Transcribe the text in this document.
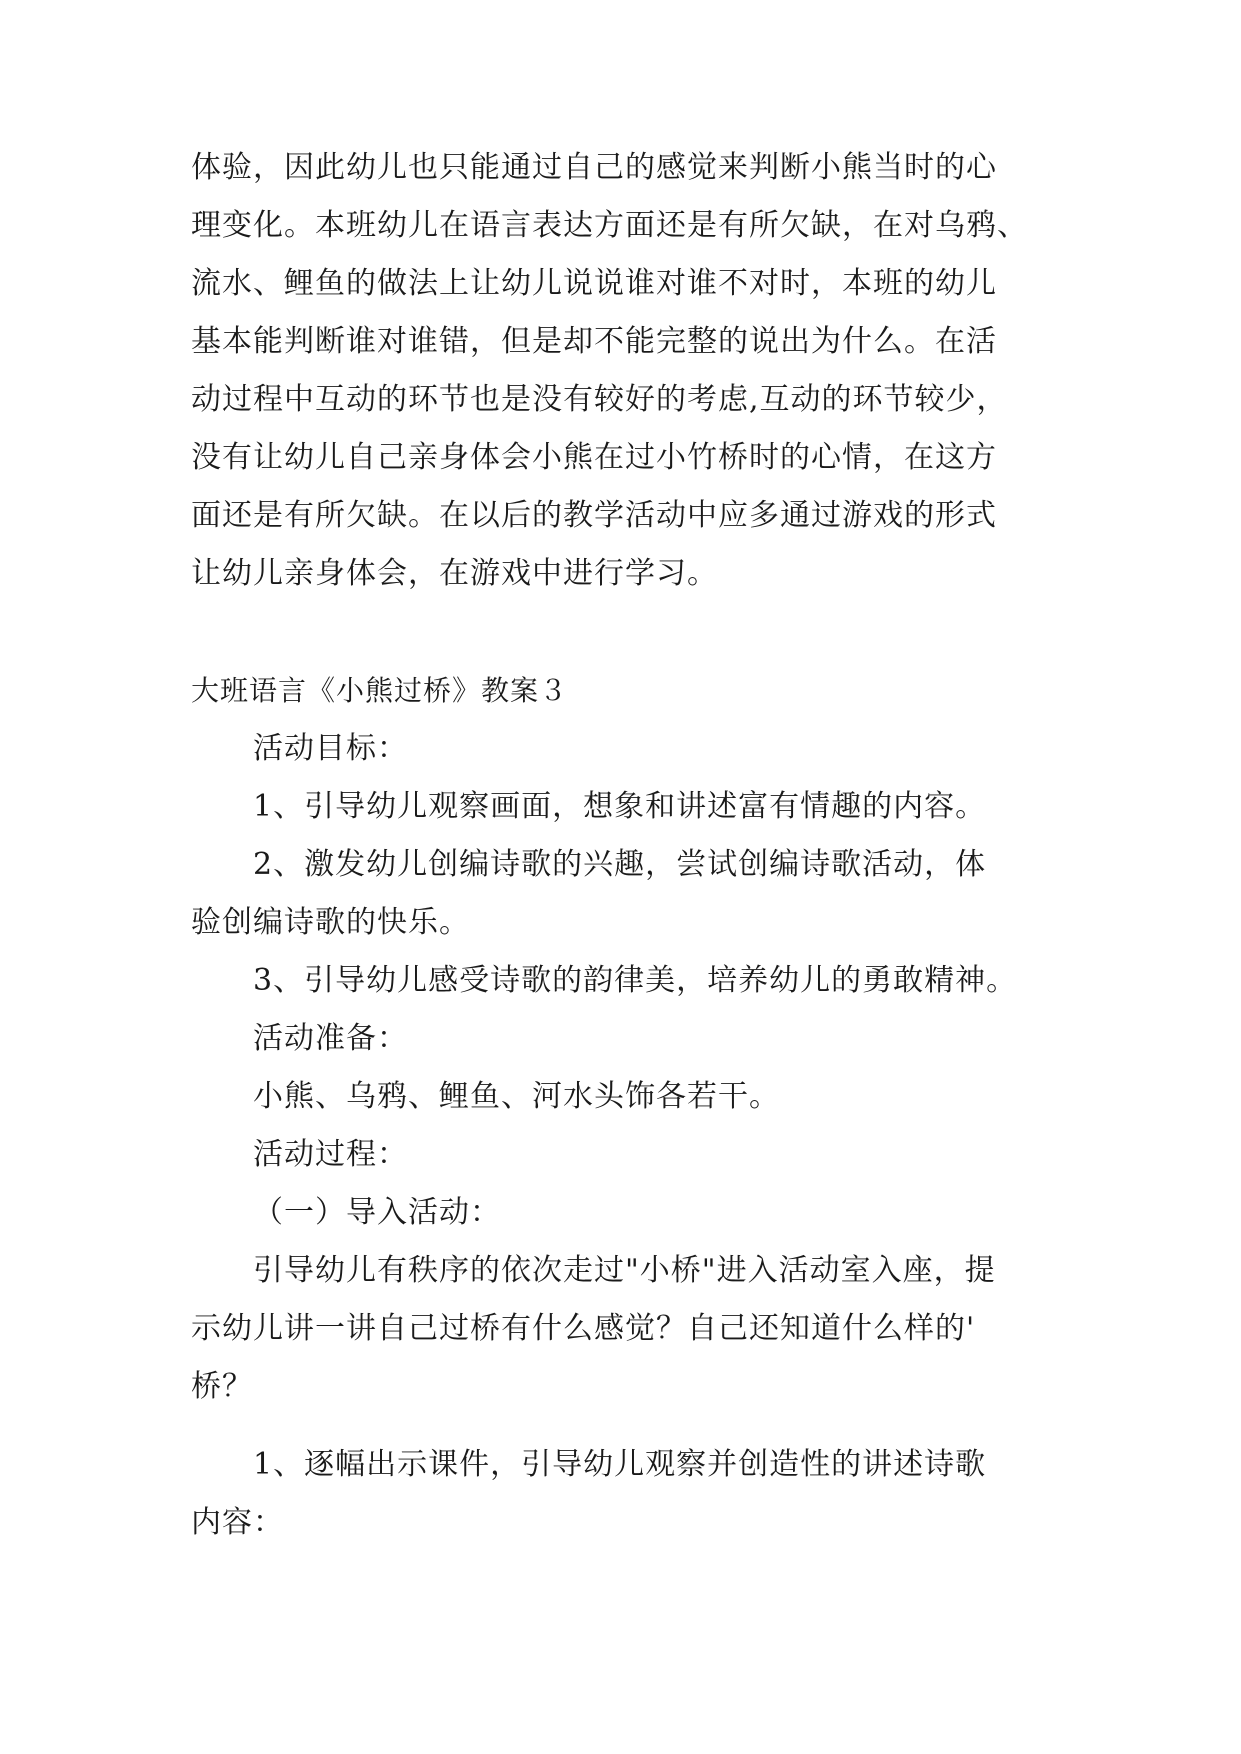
体验，因此幼儿也只能通过自己的感觉来判断小熊当时的心
理变化。本班幼儿在语言表达方面还是有所欠缺，在对乌鸦、
流水、鲤鱼的做法上让幼儿说说谁对谁不对时，本班的幼儿
基本能判断谁对谁错，但是却不能完整的说出为什么。在活
动过程中互动的环节也是没有较好的考虑,互动的环节较少，
没有让幼儿自己亲身体会小熊在过小竹桥时的心情，在这方
面还是有所欠缺。在以后的教学活动中应多通过游戏的形式
让幼儿亲身体会，在游戏中进行学习。
大班语言《小熊过桥》教案３
活动目标：
1、引导幼儿观察画面，想象和讲述富有情趣的内容。
2、激发幼儿创编诗歌的兴趣，尝试创编诗歌活动，体
验创编诗歌的快乐。
3、引导幼儿感受诗歌的韵律美，培养幼儿的勇敢精神。
活动准备：
小熊、乌鸦、鲤鱼、河水头饰各若干。
活动过程：
（一）导入活动：
引导幼儿有秩序的依次走过"小桥"进入活动室入座，提
示幼儿讲一讲自己过桥有什么感觉？自己还知道什么样的'
桥？
1、逐幅出示课件，引导幼儿观察并创造性的讲述诗歌
内容：
